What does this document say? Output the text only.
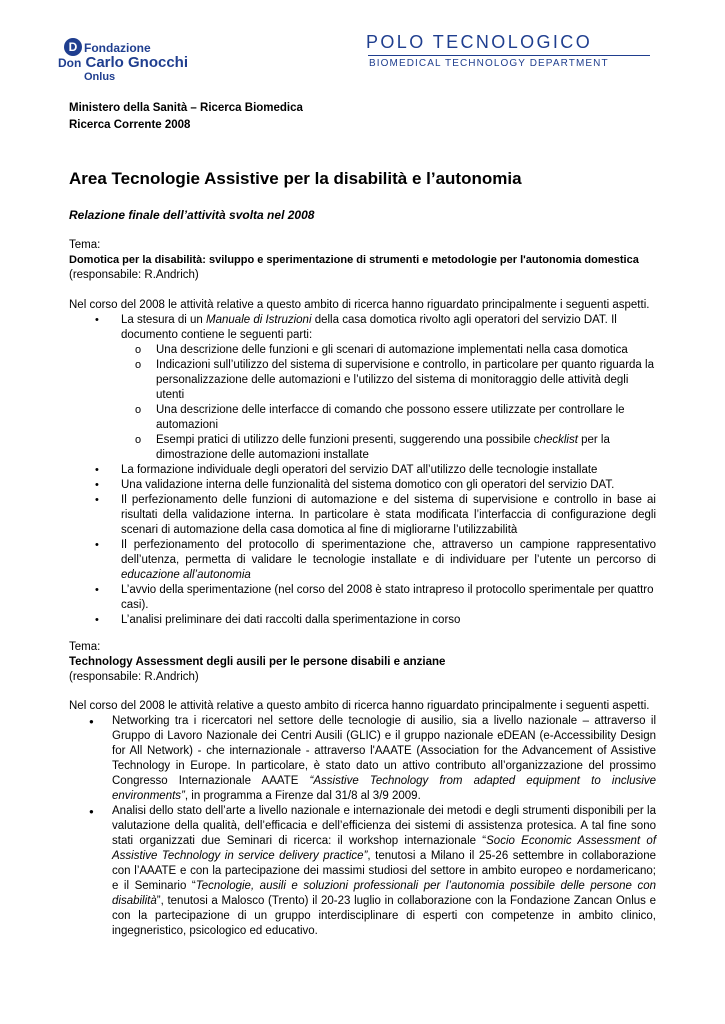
D Fondazione
Don Carlo Gnocchi
Onlus
POLO TECNOLOGICO
BIOMEDICAL TECHNOLOGY DEPARTMENT
Ministero della Sanità – Ricerca Biomedica
Ricerca Corrente 2008
Area Tecnologie Assistive per la disabilità e l’autonomia
Relazione finale dell’attività svolta nel 2008
Tema:
Domotica per la disabilità: sviluppo e sperimentazione di strumenti e metodologie per l'autonomia domestica
(responsabile: R.Andrich)
Nel corso del 2008 le attività relative a questo ambito di ricerca hanno riguardato principalmente i seguenti aspetti.
• La stesura di un Manuale di Istruzioni della casa domotica rivolto agli operatori del servizio DAT. Il documento contiene le seguenti parti:
o Una descrizione delle funzioni e gli scenari di automazione implementati nella casa domotica
o Indicazioni sull’utilizzo del sistema di supervisione e controllo, in particolare per quanto riguarda la personalizzazione delle automazioni e l’utilizzo del sistema di monitoraggio delle attività degli utenti
o Una descrizione delle interfacce di comando che possono essere utilizzate per controllare le automazioni
o Esempi pratici di utilizzo delle funzioni presenti, suggerendo una possibile checklist per la dimostrazione delle automazioni installate
• La formazione individuale degli operatori del servizio DAT all’utilizzo delle tecnologie installate
• Una validazione interna delle funzionalità del sistema domotico con gli operatori del servizio DAT.
• Il perfezionamento delle funzioni di automazione e del sistema di supervisione e controllo in base ai risultati della validazione interna. In particolare è stata modificata l’interfaccia di configurazione degli scenari di automazione della casa domotica al fine di migliorarne l’utilizzabilità
• Il perfezionamento del protocollo di sperimentazione che, attraverso un campione rappresentativo dell’utenza, permetta di validare le tecnologie installate e di individuare per l’utente un percorso di educazione all’autonomia
• L’avvio della sperimentazione (nel corso del 2008 è stato intrapreso il protocollo sperimentale per quattro casi).
• L’analisi preliminare dei dati raccolti dalla sperimentazione in corso
Tema:
Technology Assessment degli ausili per le persone disabili e anziane
(responsabile: R.Andrich)
Nel corso del 2008 le attività relative a questo ambito di ricerca hanno riguardato principalmente i seguenti aspetti.
● Networking tra i ricercatori nel settore delle tecnologie di ausilio, sia a livello nazionale – attraverso il Gruppo di Lavoro Nazionale dei Centri Ausili (GLIC) e il gruppo nazionale eDEAN (e-Accessibility Design for All Network) - che internazionale - attraverso l'AAATE (Association for the Advancement of Assistive Technology in Europe. In particolare, è stato dato un attivo contributo all’organizzazione del prossimo Congresso Internazionale AAATE “Assistive Technology from adapted equipment to inclusive environments”, in programma a Firenze dal 31/8 al 3/9 2009.
● Analisi dello stato dell’arte a livello nazionale e internazionale dei metodi e degli strumenti disponibili per la valutazione della qualità, dell’efficacia e dell’efficienza dei sistemi di assistenza protesica. A tal fine sono stati organizzati due Seminari di ricerca: il workshop internazionale “Socio Economic Assessment of Assistive Technology in service delivery practice”, tenutosi a Milano il 25-26 settembre in collaborazione con l’AAATE e con la partecipazione dei massimi studiosi del settore in ambito europeo e nordamericano; e il Seminario “Tecnologie, ausili e soluzioni professionali per l’autonomia possibile delle persone con disabilità”, tenutosi a Malosco (Trento) il 20-23 luglio in collaborazione con la Fondazione Zancan Onlus e con la partecipazione di un gruppo interdisciplinare di esperti con competenze in ambito clinico, ingegneristico, psicologico ed educativo.
